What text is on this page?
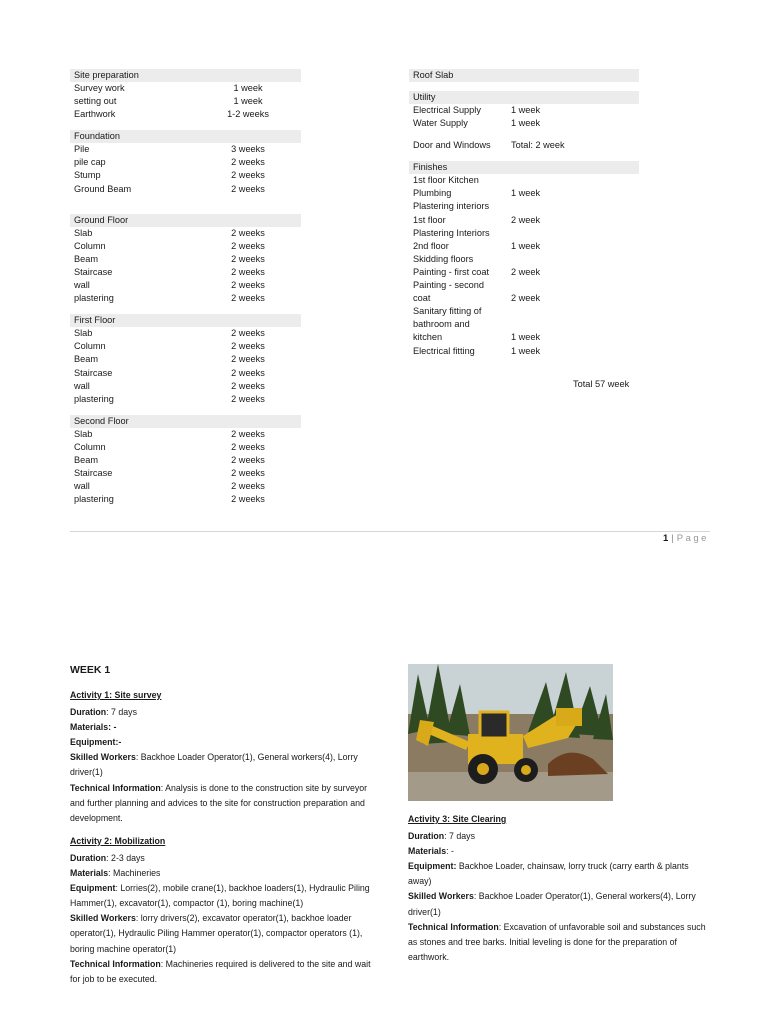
Site preparation
Survey work	1 week
setting out	1 week
Earthwork	1-2 weeks
Foundation
Pile	3 weeks
pile cap	2 weeks
Stump	2 weeks
Ground Beam	2 weeks
Ground Floor
Slab	2 weeks
Column	2 weeks
Beam	2 weeks
Staircase	2 weeks
wall	2 weeks
plastering	2 weeks
First Floor
Slab	2 weeks
Column	2 weeks
Beam	2 weeks
Staircase	2 weeks
wall	2 weeks
plastering	2 weeks
Second Floor
Slab	2 weeks
Column	2 weeks
Beam	2 weeks
Staircase	2 weeks
wall	2 weeks
plastering	2 weeks
Roof Slab
Utility
Electrical Supply	1 week
Water Supply	1 week
Door and Windows	Total: 2 week
Finishes
1st floor Kitchen
Plumbing	1 week
Plastering interiors
1st floor	2 week
Plastering Interiors
2nd floor	1 week
Skidding floors
Painting - first coat	2 week
Painting - second
coat	2 week
Sanitary fitting of
bathroom and
kitchen	1 week
Electrical fitting	1 week
Total 57 week
1 | Page
WEEK 1
Activity 1: Site survey
Duration: 7 days
Materials: -
Equipment:-
Skilled Workers: Backhoe Loader Operator(1), General workers(4), Lorry driver(1)
Technical Information: Analysis is done to the construction site by surveyor and further planning and advices to the site for construction preparation and development.
Activity 2: Mobilization
Duration: 2-3 days
Materials: Machineries
Equipment: Lorries(2), mobile crane(1), backhoe loaders(1), Hydraulic Piling Hammer(1), excavator(1), compactor (1), boring machine(1)
Skilled Workers: lorry drivers(2), excavator operator(1), backhoe loader operator(1), Hydraulic Piling Hammer operator(1), compactor operators (1), boring machine operator(1)
Technical Information: Machineries required is delivered to the site and wait for job to be executed.
Activity 3: Site Clearing
Duration: 7 days
Materials: -
Equipment: Backhoe Loader, chainsaw, lorry truck (carry earth & plants away)
Skilled Workers: Backhoe Loader Operator(1), General workers(4), Lorry driver(1)
Technical Information: Excavation of unfavorable soil and substances such as stones and tree barks. Initial leveling is done for the preparation of earthwork.
